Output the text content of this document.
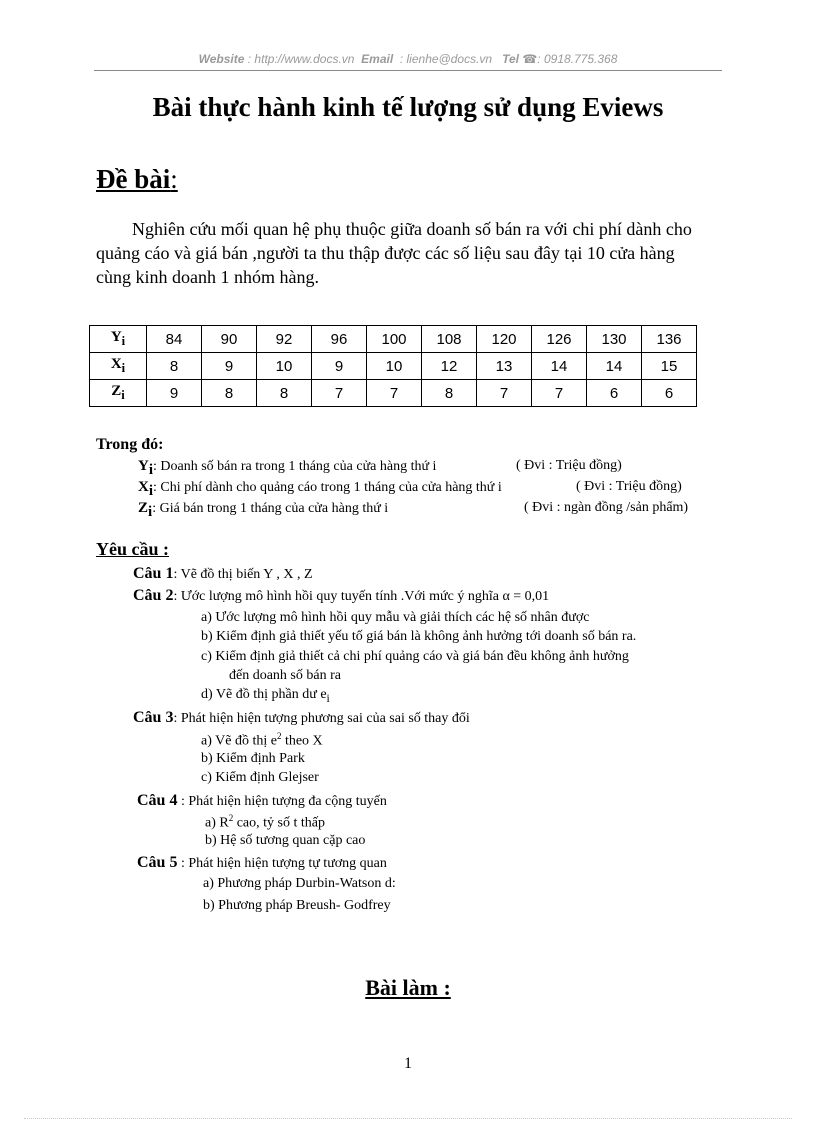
Website : http://www.docs.vn Email : lienhe@docs.vn Tel ☎: 0918.775.368
Bài thực hành kinh tế lượng sử dụng Eviews
Đề bài:
Nghiên cứu mối quan hệ phụ thuộc giữa doanh số bán ra với chi phí dành cho
quảng cáo và giá bán ,người ta thu thập được các số liệu sau đây tại 10 cửa hàng
cùng kinh doanh 1 nhóm hàng.
$Y_i$	84	90	92	96	100	108	120	126	130	136
$X_i$	8	9	10	9	10	12	13	14	14	15
$Z_i$	9	8	8	7	7	8	7	7	6	6
Trong đó:
$Y_i$: Doanh số bán ra trong 1 tháng của cửa hàng thứ i	( Đvi : Triệu đồng)
$X_i$: Chi phí dành cho quảng cáo trong 1 tháng của cửa hàng thứ i	( Đvi : Triệu đồng)
$Z_i$: Giá bán trong 1 tháng của cửa hàng thứ i	( Đvi : ngàn đồng /sản phẩm)
Yêu cầu :
Câu 1: Vẽ đồ thị biến Y , X , Z
Câu 2: Ước lượng mô hình hồi quy tuyến tính .Với mức ý nghĩa α = 0,01
a) Ước lượng mô hình hồi quy mẫu và giải thích các hệ số nhân được
b) Kiểm định giả thiết yếu tố giá bán là không ảnh hưởng tới doanh số bán ra.
c) Kiểm định giả thiết cả chi phí quảng cáo và giá bán đều không ảnh hưởng
đến doanh số bán ra
d) Vẽ đồ thị phần dư $e_i$
Câu 3: Phát hiện hiện tượng phương sai của sai số thay đổi
a) Vẽ đồ thị $e^2$ theo X
b) Kiểm định Park
c) Kiểm định Glejser
Câu 4 : Phát hiện hiện tượng đa cộng tuyến
a) $R^2$ cao, tỷ số t thấp
b) Hệ số tương quan cặp cao
Câu 5 : Phát hiện hiện tượng tự tương quan
a) Phương pháp Durbin-Watson d:
b) Phương pháp Breush- Godfrey
Bài làm :
1
